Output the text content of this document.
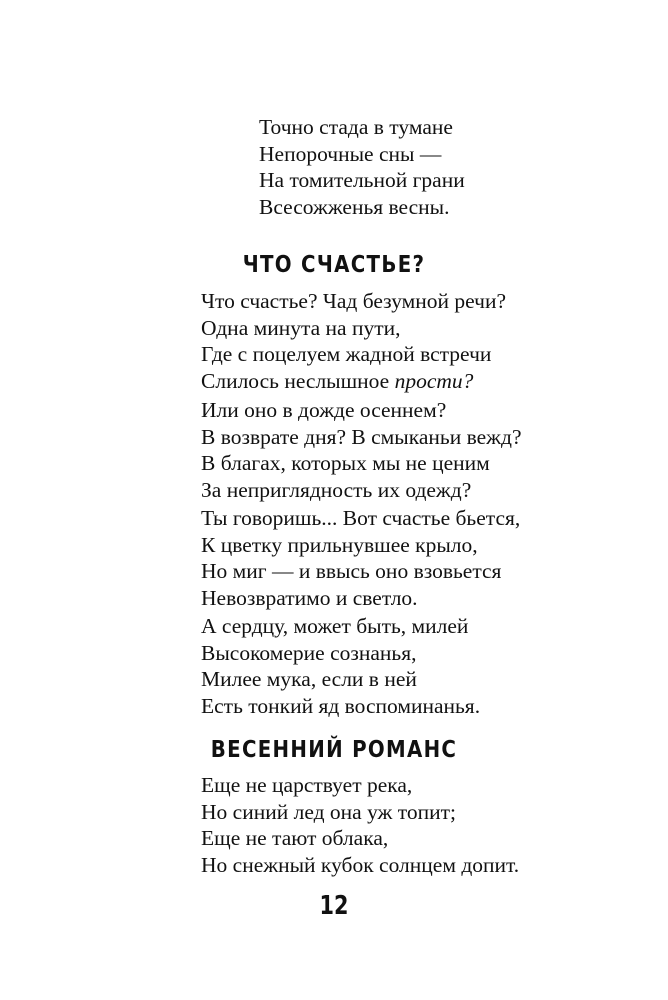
Точно стада в тумане
Непорочные сны —
На томительной грани
Всесожженья весны.
ЧТО СЧАСТЬЕ?
Что счастье? Чад безумной речи?
Одна минута на пути,
Где с поцелуем жадной встречи
Слилось неслышное прости?
Или оно в дожде осеннем?
В возврате дня? В смыканьи вежд?
В благах, которых мы не ценим
За неприглядность их одежд?
Ты говоришь... Вот счастье бьется,
К цветку прильнувшее крыло,
Но миг — и ввысь оно взовьется
Невозвратимо и светло.
А сердцу, может быть, милей
Высокомерие сознанья,
Милее мука, если в ней
Есть тонкий яд воспоминанья.
ВЕСЕННИЙ РОМАНС
Еще не царствует река,
Но синий лед она уж топит;
Еще не тают облака,
Но снежный кубок солнцем допит.
12
